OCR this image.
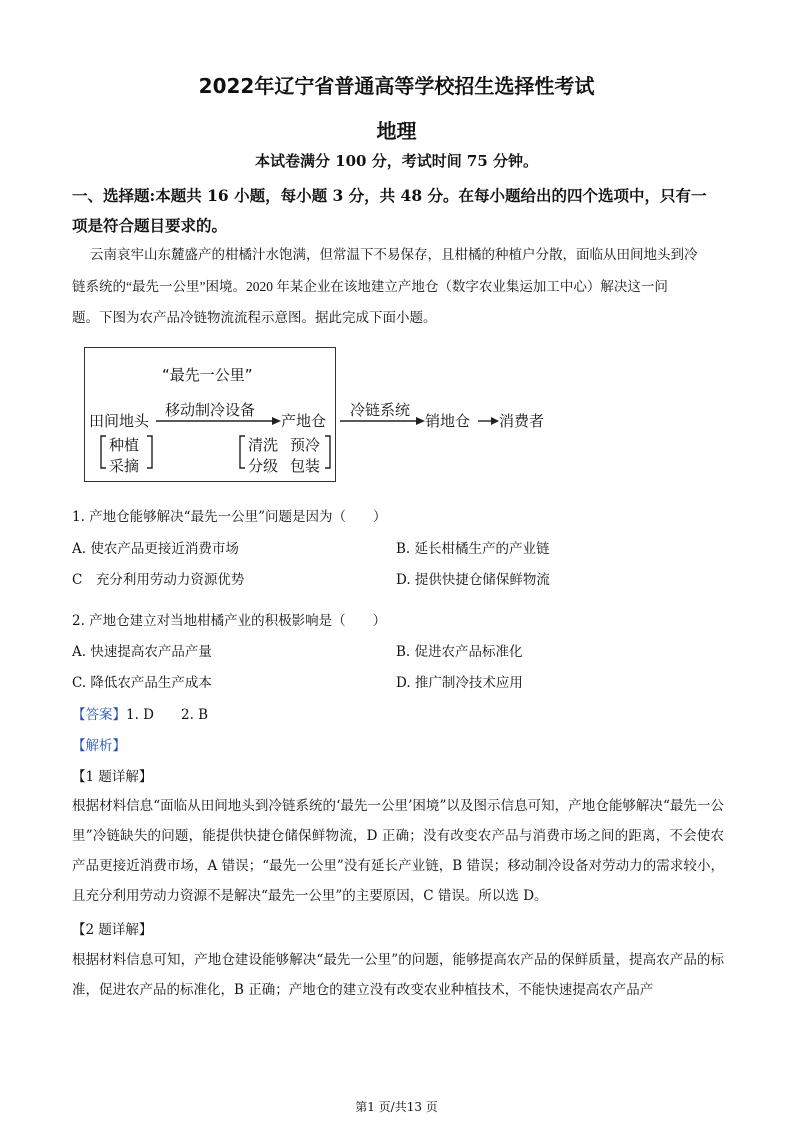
2022年辽宁省普通高等学校招生选择性考试
地理
本试卷满分 100 分，考试时间 75 分钟。
一、选择题:本题共 16 小题，每小题 3 分，共 48 分。在每小题给出的四个选项中，只有一项是符合题目要求的。
云南哀牢山东麓盛产的柑橘汁水饱满，但常温下不易保存，且柑橘的种植户分散，面临从田间地头到冷
链系统的“最先一公里”困境。2020 年某企业在该地建立产地仓（数字农业集运加工中心）解决这一问
题。下图为农产品冷链物流流程示意图。据此完成下面小题。
“最先一公里”
田间地头
移动制冷设备
产地仓
冷链系统
销地仓 消费者
种植
采摘
清洗 预冷
分级 包装
1. 产地仓能够解决“最先一公里”问题是因为（　　）
A. 使农产品更接近消费市场	B. 延长柑橘生产的产业链
C　充分利用劳动力资源优势	D. 提供快捷仓储保鲜物流
2. 产地仓建立对当地柑橘产业的积极影响是（　　）
A. 快速提高农产品产量	B. 促进农产品标准化
C. 降低农产品生产成本	D. 推广制冷技术应用
【答案】1. D　　2. B
【解析】
【1 题详解】
根据材料信息“面临从田间地头到冷链系统的‘最先一公里’困境”以及图示信息可知，产地仓能够解决“最先一公里”冷链缺失的问题，能提供快捷仓储保鲜物流，D 正确；没有改变农产品与消费市场之间的距离，不会使农产品更接近消费市场，A 错误；“最先一公里”没有延长产业链，B 错误；移动制冷设备对劳动力的需求较小，且充分利用劳动力资源不是解决“最先一公里”的主要原因，C 错误。所以选 D。
【2 题详解】
根据材料信息可知，产地仓建设能够解决“最先一公里”的问题，能够提高农产品的保鲜质量，提高农产品的标准，促进农产品的标准化，B 正确；产地仓的建立没有改变农业种植技术，不能快速提高农产品产
第1 页/共13 页
